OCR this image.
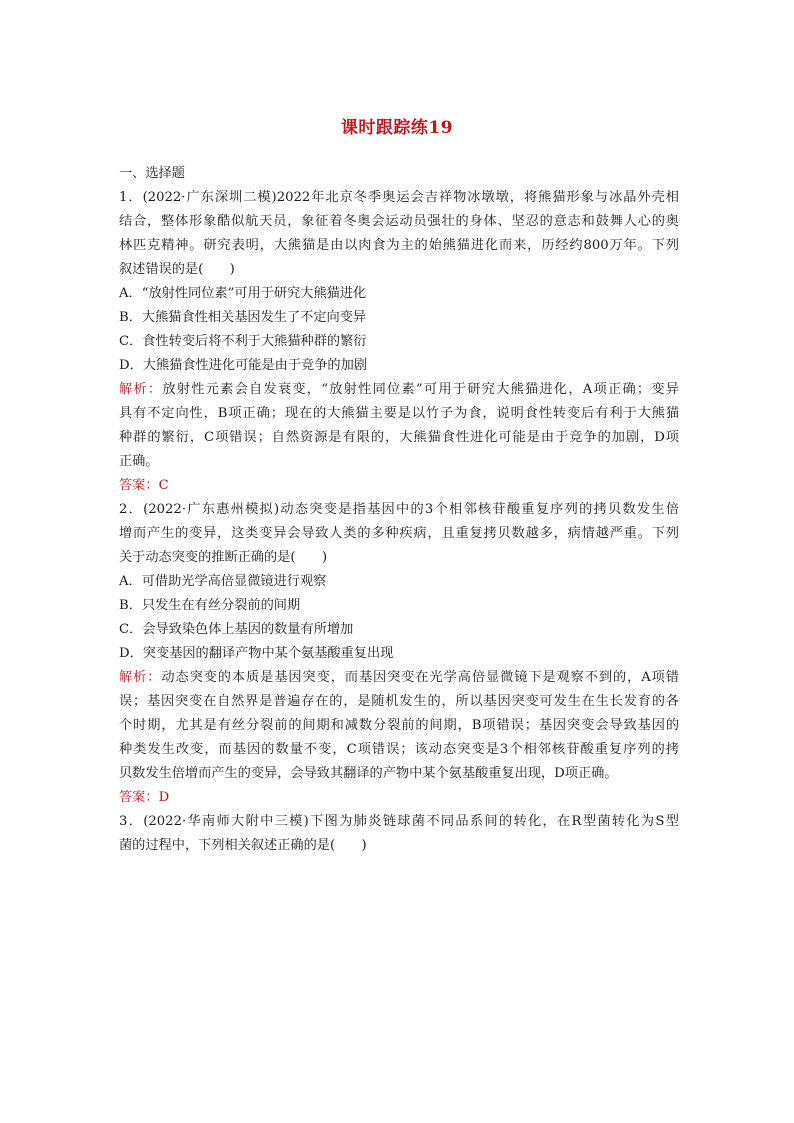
课时跟踪练19
一、选择题
1．(2022·广东深圳二模)2022年北京冬季奥运会吉祥物冰墩墩，将熊猫形象与冰晶外壳相
结合，整体形象酷似航天员，象征着冬奥会运动员强壮的身体、坚忍的意志和鼓舞人心的奥
林匹克精神。研究表明，大熊猫是由以肉食为主的始熊猫进化而来，历经约800万年。下列
叙述错误的是(　　)
A．“放射性同位素”可用于研究大熊猫进化
B．大熊猫食性相关基因发生了不定向变异
C．食性转变后将不利于大熊猫种群的繁衍
D．大熊猫食性进化可能是由于竞争的加剧
解析：放射性元素会自发衰变，“放射性同位素”可用于研究大熊猫进化，A项正确；变异
具有不定向性，B项正确；现在的大熊猫主要是以竹子为食，说明食性转变后有利于大熊猫
种群的繁衍，C项错误；自然资源是有限的，大熊猫食性进化可能是由于竞争的加剧，D项
正确。
答案：C
2．(2022·广东惠州模拟)动态突变是指基因中的3个相邻核苷酸重复序列的拷贝数发生倍
增而产生的变异，这类变异会导致人类的多种疾病，且重复拷贝数越多，病情越严重。下列
关于动态突变的推断正确的是(　　)
A．可借助光学高倍显微镜进行观察
B．只发生在有丝分裂前的间期
C．会导致染色体上基因的数量有所增加
D．突变基因的翻译产物中某个氨基酸重复出现
解析：动态突变的本质是基因突变，而基因突变在光学高倍显微镜下是观察不到的，A项错
误；基因突变在自然界是普遍存在的，是随机发生的，所以基因突变可发生在生长发育的各
个时期，尤其是有丝分裂前的间期和减数分裂前的间期，B项错误；基因突变会导致基因的
种类发生改变，而基因的数量不变，C项错误；该动态突变是3个相邻核苷酸重复序列的拷
贝数发生倍增而产生的变异，会导致其翻译的产物中某个氨基酸重复出现，D项正确。
答案：D
3．(2022·华南师大附中三模)下图为肺炎链球菌不同品系间的转化，在R型菌转化为S型
菌的过程中，下列相关叙述正确的是(　　)
